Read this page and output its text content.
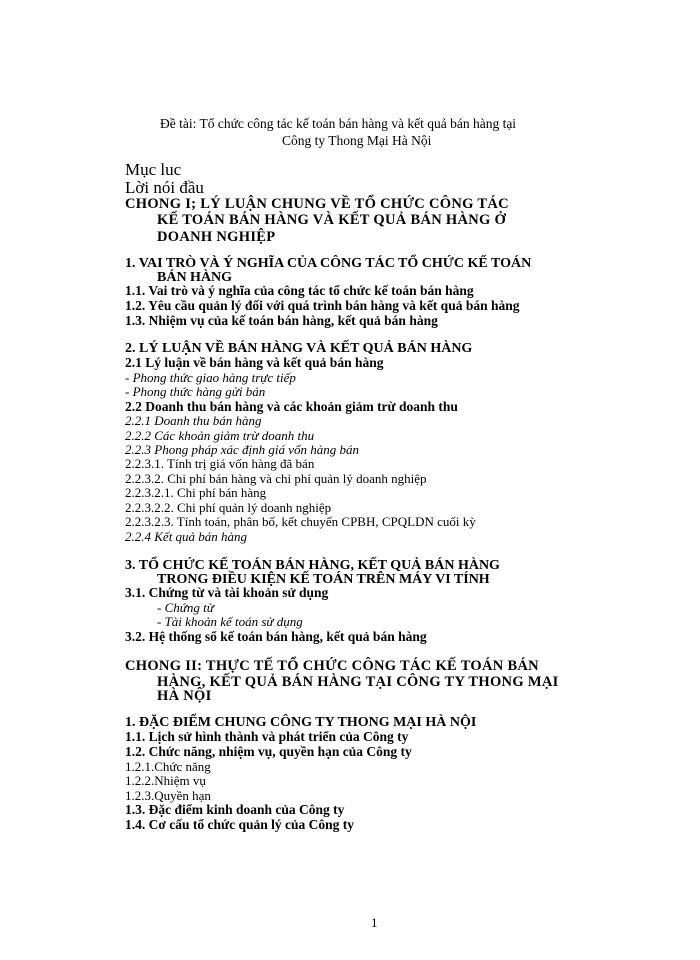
Đề tài: Tổ chức công tác kế toán bán hàng và kết quả bán hàng tại
Công ty Thong Mại Hà Nội
Mục luc
Lời nói đầu
CHONG I; LÝ LUẬN CHUNG VỀ TỔ CHỨC CÔNG TÁC
KẾ TOÁN BÁN HÀNG VÀ KẾT QUẢ BÁN HÀNG Ở
DOANH NGHIỆP
1. VAI TRÒ VÀ Ý NGHĨA CỦA CÔNG TÁC TỔ CHỨC KẾ TOÁN
BÁN HÀNG
1.1. Vai trò và ý nghĩa của công tác tổ chức kế toán bán hàng
1.2. Yêu cầu quản lý đối với quá trình bán hàng và kết quả bán hàng
1.3. Nhiệm vụ của kế toán bán hàng, kết quả bán hàng
2. LÝ LUẬN VỀ BÁN HÀNG VÀ KẾT QUẢ BÁN HÀNG
2.1 Lý luận về bán hàng và kết quả bán hàng
- Phong thức giao hàng trực tiếp
- Phong thức hàng gửi bán
2.2 Doanh thu bán hàng và các khoản giảm trừ doanh thu
2.2.1 Doanh thu bán hàng
2.2.2 Các khoản giảm trừ doanh thu
2.2.3 Phong pháp xác định giá vốn hàng bán
2.2.3.1. Tính trị giá vốn hàng đã bán
2.2.3.2. Chi phí bán hàng và chi phí quản lý doanh nghiệp
2.2.3.2.1. Chi phí bán hàng
2.2.3.2.2. Chi phí quản lý doanh nghiệp
2.2.3.2.3. Tính toán, phân bổ, kết chuyển CPBH, CPQLDN cuối kỳ
2.2.4 Kết quả bán hàng
3. TỔ CHỨC KẾ TOÁN BÁN HÀNG, KẾT QUẢ BÁN HÀNG
TRONG ĐIỀU KIỆN KẾ TOÁN TRÊN MÁY VI TÍNH
3.1. Chứng từ và tài khoản sử dụng
- Chứng từ
- Tài khoản kế toán sử dụng
3.2. Hệ thống sổ kế toán bán hàng, kết quả bán hàng
CHONG II: THỰC TẾ TỔ CHỨC CÔNG TÁC KẾ TOÁN BÁN
HÀNG, KẾT QUẢ BÁN HÀNG TẠI CÔNG TY THONG MẠI
HÀ NỘI
1. ĐẶC ĐIỂM CHUNG CÔNG TY THONG MẠI HÀ NỘI
1.1. Lịch sử hình thành và phát triển của Công ty
1.2. Chức năng, nhiệm vụ, quyền hạn của Công ty
1.2.1.Chức năng
1.2.2.Nhiệm vụ
1.2.3.Quyền hạn
1.3. Đặc điểm kinh doanh của Công ty
1.4. Cơ cấu tổ chức quản lý của Công ty
1
